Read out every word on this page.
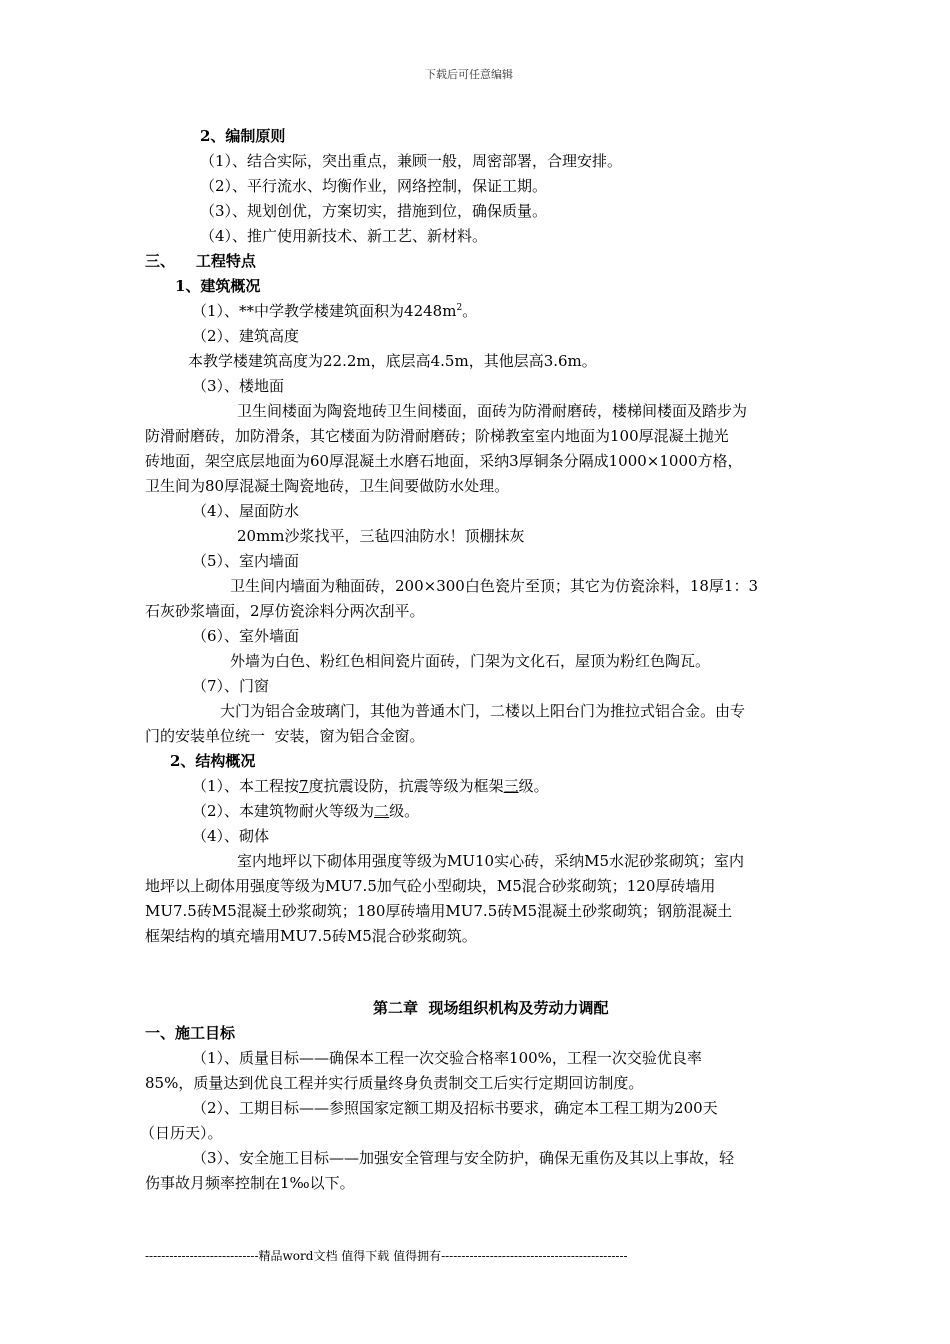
下载后可任意编辑
2、编制原则
（1）、结合实际，突出重点，兼顾一般，周密部署，合理安排。
（2）、平行流水、均衡作业，网络控制，保证工期。
（3）、规划创优，方案切实，措施到位，确保质量。
（4）、推广使用新技术、新工艺、新材料。
三、    工程特点
1、建筑概况
（1）、**中学教学楼建筑面积为$4248m^2$。
（2）、建筑高度
本教学楼建筑高度为22.2m，底层高4.5m，其他层高3.6m。
（3）、楼地面
卫生间楼面为陶瓷地砖卫生间楼面，面砖为防滑耐磨砖，楼梯间楼面及踏步为
防滑耐磨砖，加防滑条，其它楼面为防滑耐磨砖；阶梯教室室内地面为100厚混凝土抛光
砖地面，架空底层地面为60厚混凝土水磨石地面，采纳3厚铜条分隔成1000×1000方格，
卫生间为80厚混凝土陶瓷地砖，卫生间要做防水处理。
（4）、屋面防水
20mm沙浆找平，三毡四油防水！顶棚抹灰
（5）、室内墙面
卫生间内墙面为釉面砖，200×300白色瓷片至顶；其它为仿瓷涂料，18厚1：3
石灰砂浆墙面，2厚仿瓷涂料分两次刮平。
（6）、室外墙面
外墙为白色、粉红色相间瓷片面砖，门架为文化石，屋顶为粉红色陶瓦。
（7）、门窗
大门为铝合金玻璃门，其他为普通木门，二楼以上阳台门为推拉式铝合金。由专
门的安装单位统一  安装，窗为铝合金窗。
2、结构概况
（1）、本工程按7度抗震设防，抗震等级为框架三级。
（2）、本建筑物耐火等级为二级。
（4）、砌体
室内地坪以下砌体用强度等级为MU10实心砖，采纳M5水泥砂浆砌筑；室内
地坪以上砌体用强度等级为MU7.5加气砼小型砌块，M5混合砂浆砌筑；120厚砖墙用
MU7.5砖M5混凝土砂浆砌筑；180厚砖墙用MU7.5砖M5混凝土砂浆砌筑；钢筋混凝土
框架结构的填充墙用MU7.5砖M5混合砂浆砌筑。
第二章  现场组织机构及劳动力调配
一、施工目标
（1）、质量目标——确保本工程一次交验合格率100%，工程一次交验优良率
85%，质量达到优良工程并实行质量终身负责制交工后实行定期回访制度。
（2）、工期目标——参照国家定额工期及招标书要求，确定本工程工期为200天
（日历天）。
（3）、安全施工目标——加强安全管理与安全防护，确保无重伤及其以上事故，轻
伤事故月频率控制在1‰以下。
----------------------------精品word文档 值得下载 值得拥有----------------------------------------------
